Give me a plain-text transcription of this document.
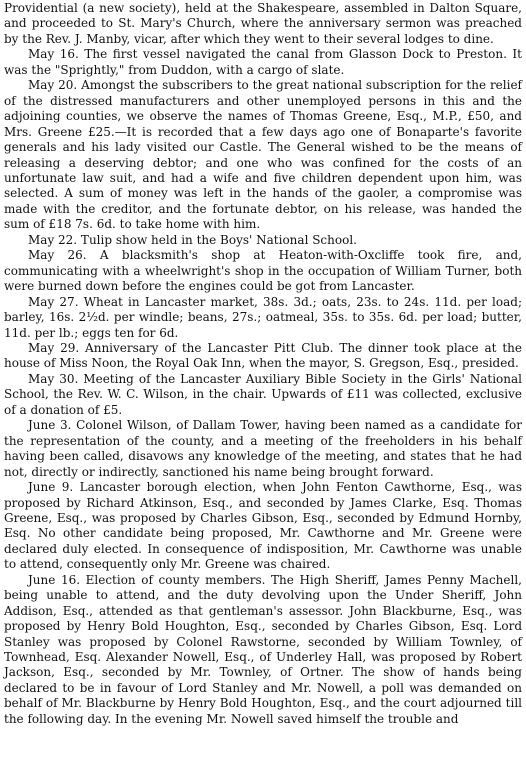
Providential (a new society), held at the Shakespeare, assembled in Dalton Square, and proceeded to St. Mary's Church, where the anniversary sermon was preached by the Rev. J. Manby, vicar, after which they went to their several lodges to dine.

May 16. The first vessel navigated the canal from Glasson Dock to Preston. It was the "Sprightly," from Duddon, with a cargo of slate.

May 20. Amongst the subscribers to the great national subscription for the relief of the distressed manufacturers and other unemployed persons in this and the adjoining counties, we observe the names of Thomas Greene, Esq., M.P., £50, and Mrs. Greene £25.—It is recorded that a few days ago one of Bonaparte's favorite generals and his lady visited our Castle. The General wished to be the means of releasing a deserving debtor; and one who was confined for the costs of an unfortunate law suit, and had a wife and five children dependent upon him, was selected. A sum of money was left in the hands of the gaoler, a compromise was made with the creditor, and the fortunate debtor, on his release, was handed the sum of £18 7s. 6d. to take home with him.

May 22. Tulip show held in the Boys' National School.

May 26. A blacksmith's shop at Heaton-with-Oxcliffe took fire, and, communicating with a wheelwright's shop in the occupation of William Turner, both were burned down before the engines could be got from Lancaster.

May 27. Wheat in Lancaster market, 38s. 3d.; oats, 23s. to 24s. 11d. per load; barley, 16s. 2½d. per windle; beans, 27s.; oatmeal, 35s. to 35s. 6d. per load; butter, 11d. per lb.; eggs ten for 6d.

May 29. Anniversary of the Lancaster Pitt Club. The dinner took place at the house of Miss Noon, the Royal Oak Inn, when the mayor, S. Gregson, Esq., presided.

May 30. Meeting of the Lancaster Auxiliary Bible Society in the Girls' National School, the Rev. W. C. Wilson, in the chair. Upwards of £11 was collected, exclusive of a donation of £5.

June 3. Colonel Wilson, of Dallam Tower, having been named as a candidate for the representation of the county, and a meeting of the freeholders in his behalf having been called, disavows any knowledge of the meeting, and states that he had not, directly or indirectly, sanctioned his name being brought forward.

June 9. Lancaster borough election, when John Fenton Cawthorne, Esq., was proposed by Richard Atkinson, Esq., and seconded by James Clarke, Esq. Thomas Greene, Esq., was proposed by Charles Gibson, Esq., seconded by Edmund Hornby, Esq. No other candidate being proposed, Mr. Cawthorne and Mr. Greene were declared duly elected. In consequence of indisposition, Mr. Cawthorne was unable to attend, consequently only Mr. Greene was chaired.

June 16. Election of county members. The High Sheriff, James Penny Machell, being unable to attend, and the duty devolving upon the Under Sheriff, John Addison, Esq., attended as that gentleman's assessor. John Blackburne, Esq., was proposed by Henry Bold Houghton, Esq., seconded by Charles Gibson, Esq. Lord Stanley was proposed by Colonel Rawstorne, seconded by William Townley, of Townhead, Esq. Alexander Nowell, Esq., of Underley Hall, was proposed by Robert Jackson, Esq., seconded by Mr. Townley, of Ortner. The show of hands being declared to be in favour of Lord Stanley and Mr. Nowell, a poll was demanded on behalf of Mr. Blackburne by Henry Bold Houghton, Esq., and the court adjourned till the following day. In the evening Mr. Nowell saved himself the trouble and
